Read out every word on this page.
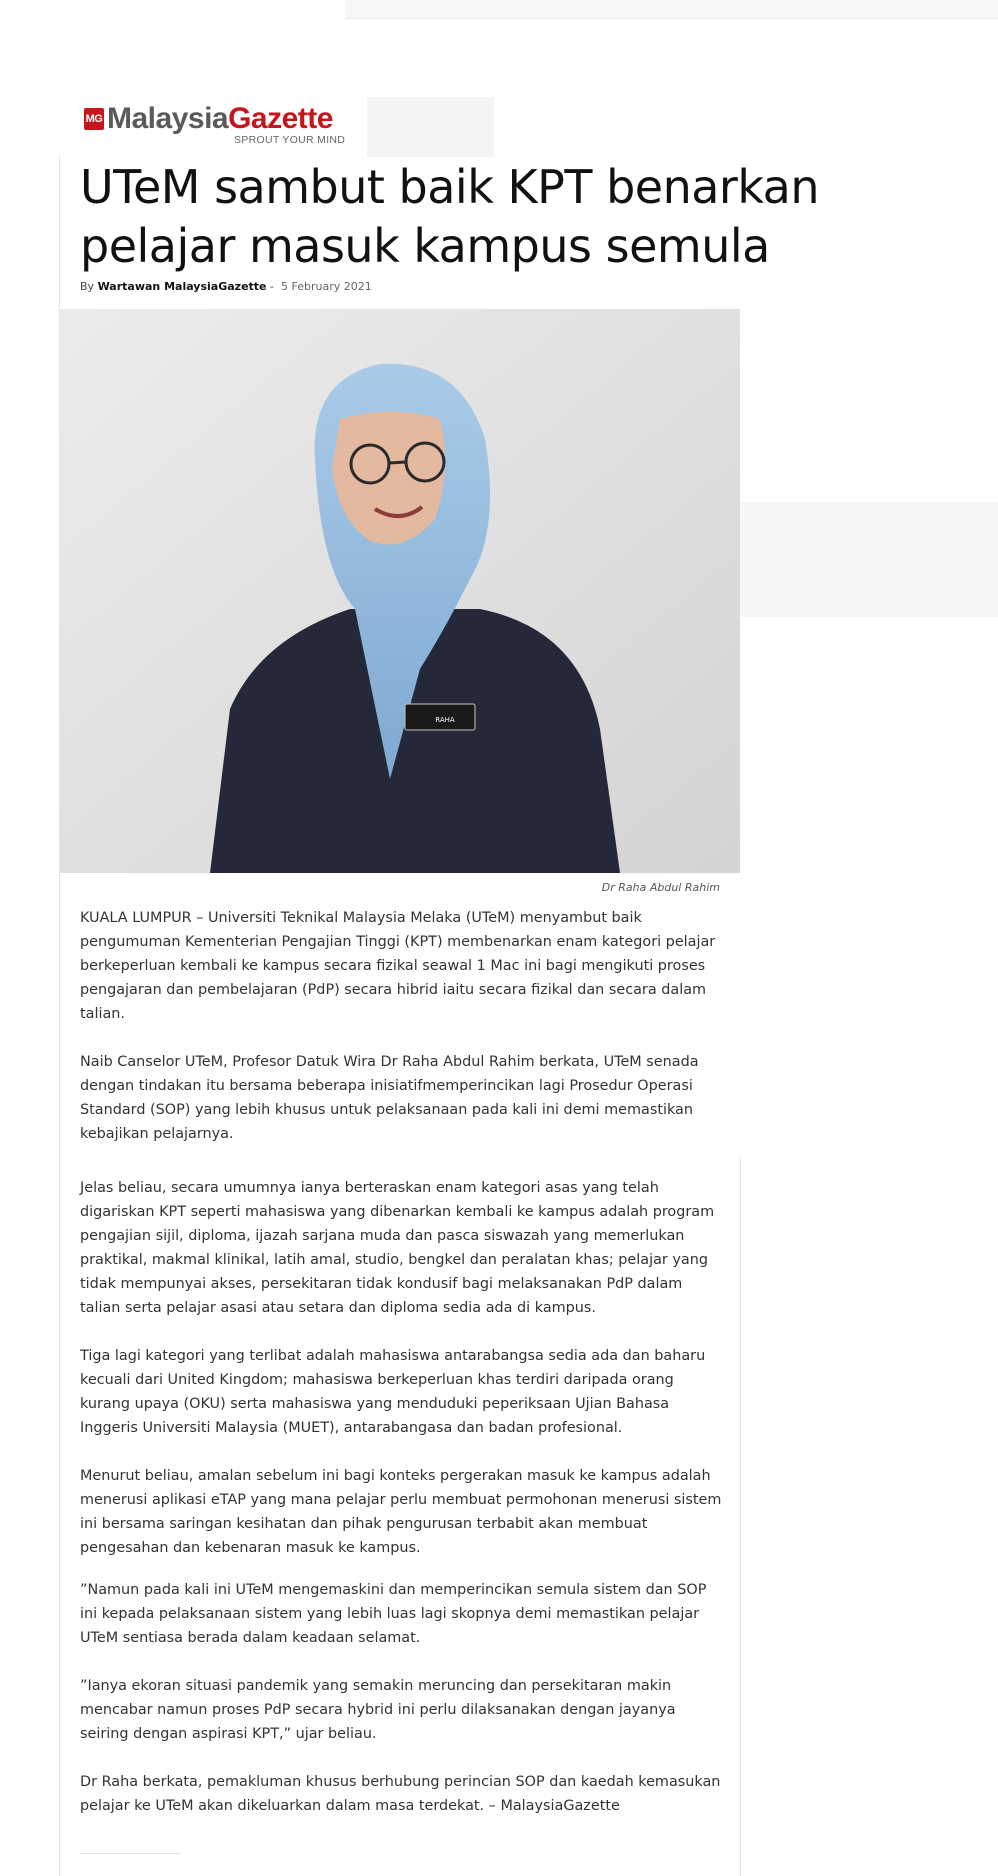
MG Malaysia Gazette
SPROUT YOUR MIND
UTeM sambut baik KPT benarkan pelajar masuk kampus semula
By Wartawan MalaysiaGazette - 5 February 2021
RAHA
Dr Raha Abdul Rahim

KUALA LUMPUR – Universiti Teknikal Malaysia Melaka (UTeM) menyambut baik pengumuman Kementerian Pengajian Tinggi (KPT) membenarkan enam kategori pelajar berkeperluan kembali ke kampus secara fizikal seawal 1 Mac ini bagi mengikuti proses pengajaran dan pembelajaran (PdP) secara hibrid iaitu secara fizikal dan secara dalam talian.

Naib Canselor UTeM, Profesor Datuk Wira Dr Raha Abdul Rahim berkata, UTeM senada dengan tindakan itu bersama beberapa inisiatifmemperincikan lagi Prosedur Operasi Standard (SOP) yang lebih khusus untuk pelaksanaan pada kali ini demi memastikan kebajikan pelajarnya.

Jelas beliau, secara umumnya ianya berteraskan enam kategori asas yang telah digariskan KPT seperti mahasiswa yang dibenarkan kembali ke kampus adalah program pengajian sijil, diploma, ijazah sarjana muda dan pasca siswazah yang memerlukan praktikal, makmal klinikal, latih amal, studio, bengkel dan peralatan khas; pelajar yang tidak mempunyai akses, persekitaran tidak kondusif bagi melaksanakan PdP dalam talian serta pelajar asasi atau setara dan diploma sedia ada di kampus.

Tiga lagi kategori yang terlibat adalah mahasiswa antarabangsa sedia ada dan baharu kecuali dari United Kingdom; mahasiswa berkeperluan khas terdiri daripada orang kurang upaya (OKU) serta mahasiswa yang menduduki peperiksaan Ujian Bahasa Inggeris Universiti Malaysia (MUET), antarabangasa dan badan profesional.

Menurut beliau, amalan sebelum ini bagi konteks pergerakan masuk ke kampus adalah menerusi aplikasi eTAP yang mana pelajar perlu membuat permohonan menerusi sistem ini bersama saringan kesihatan dan pihak pengurusan terbabit akan membuat pengesahan dan kebenaran masuk ke kampus.

”Namun pada kali ini UTeM mengemaskini dan memperincikan semula sistem dan SOP ini kepada pelaksanaan sistem yang lebih luas lagi skopnya demi memastikan pelajar UTeM sentiasa berada dalam keadaan selamat.

”Ianya ekoran situasi pandemik yang semakin meruncing dan persekitaran makin mencabar namun proses PdP secara hybrid ini perlu dilaksanakan dengan jayanya seiring dengan aspirasi KPT,” ujar beliau.

Dr Raha berkata, pemakluman khusus berhubung perincian SOP dan kaedah kemasukan pelajar ke UTeM akan dikeluarkan dalam masa terdekat. – MalaysiaGazette
